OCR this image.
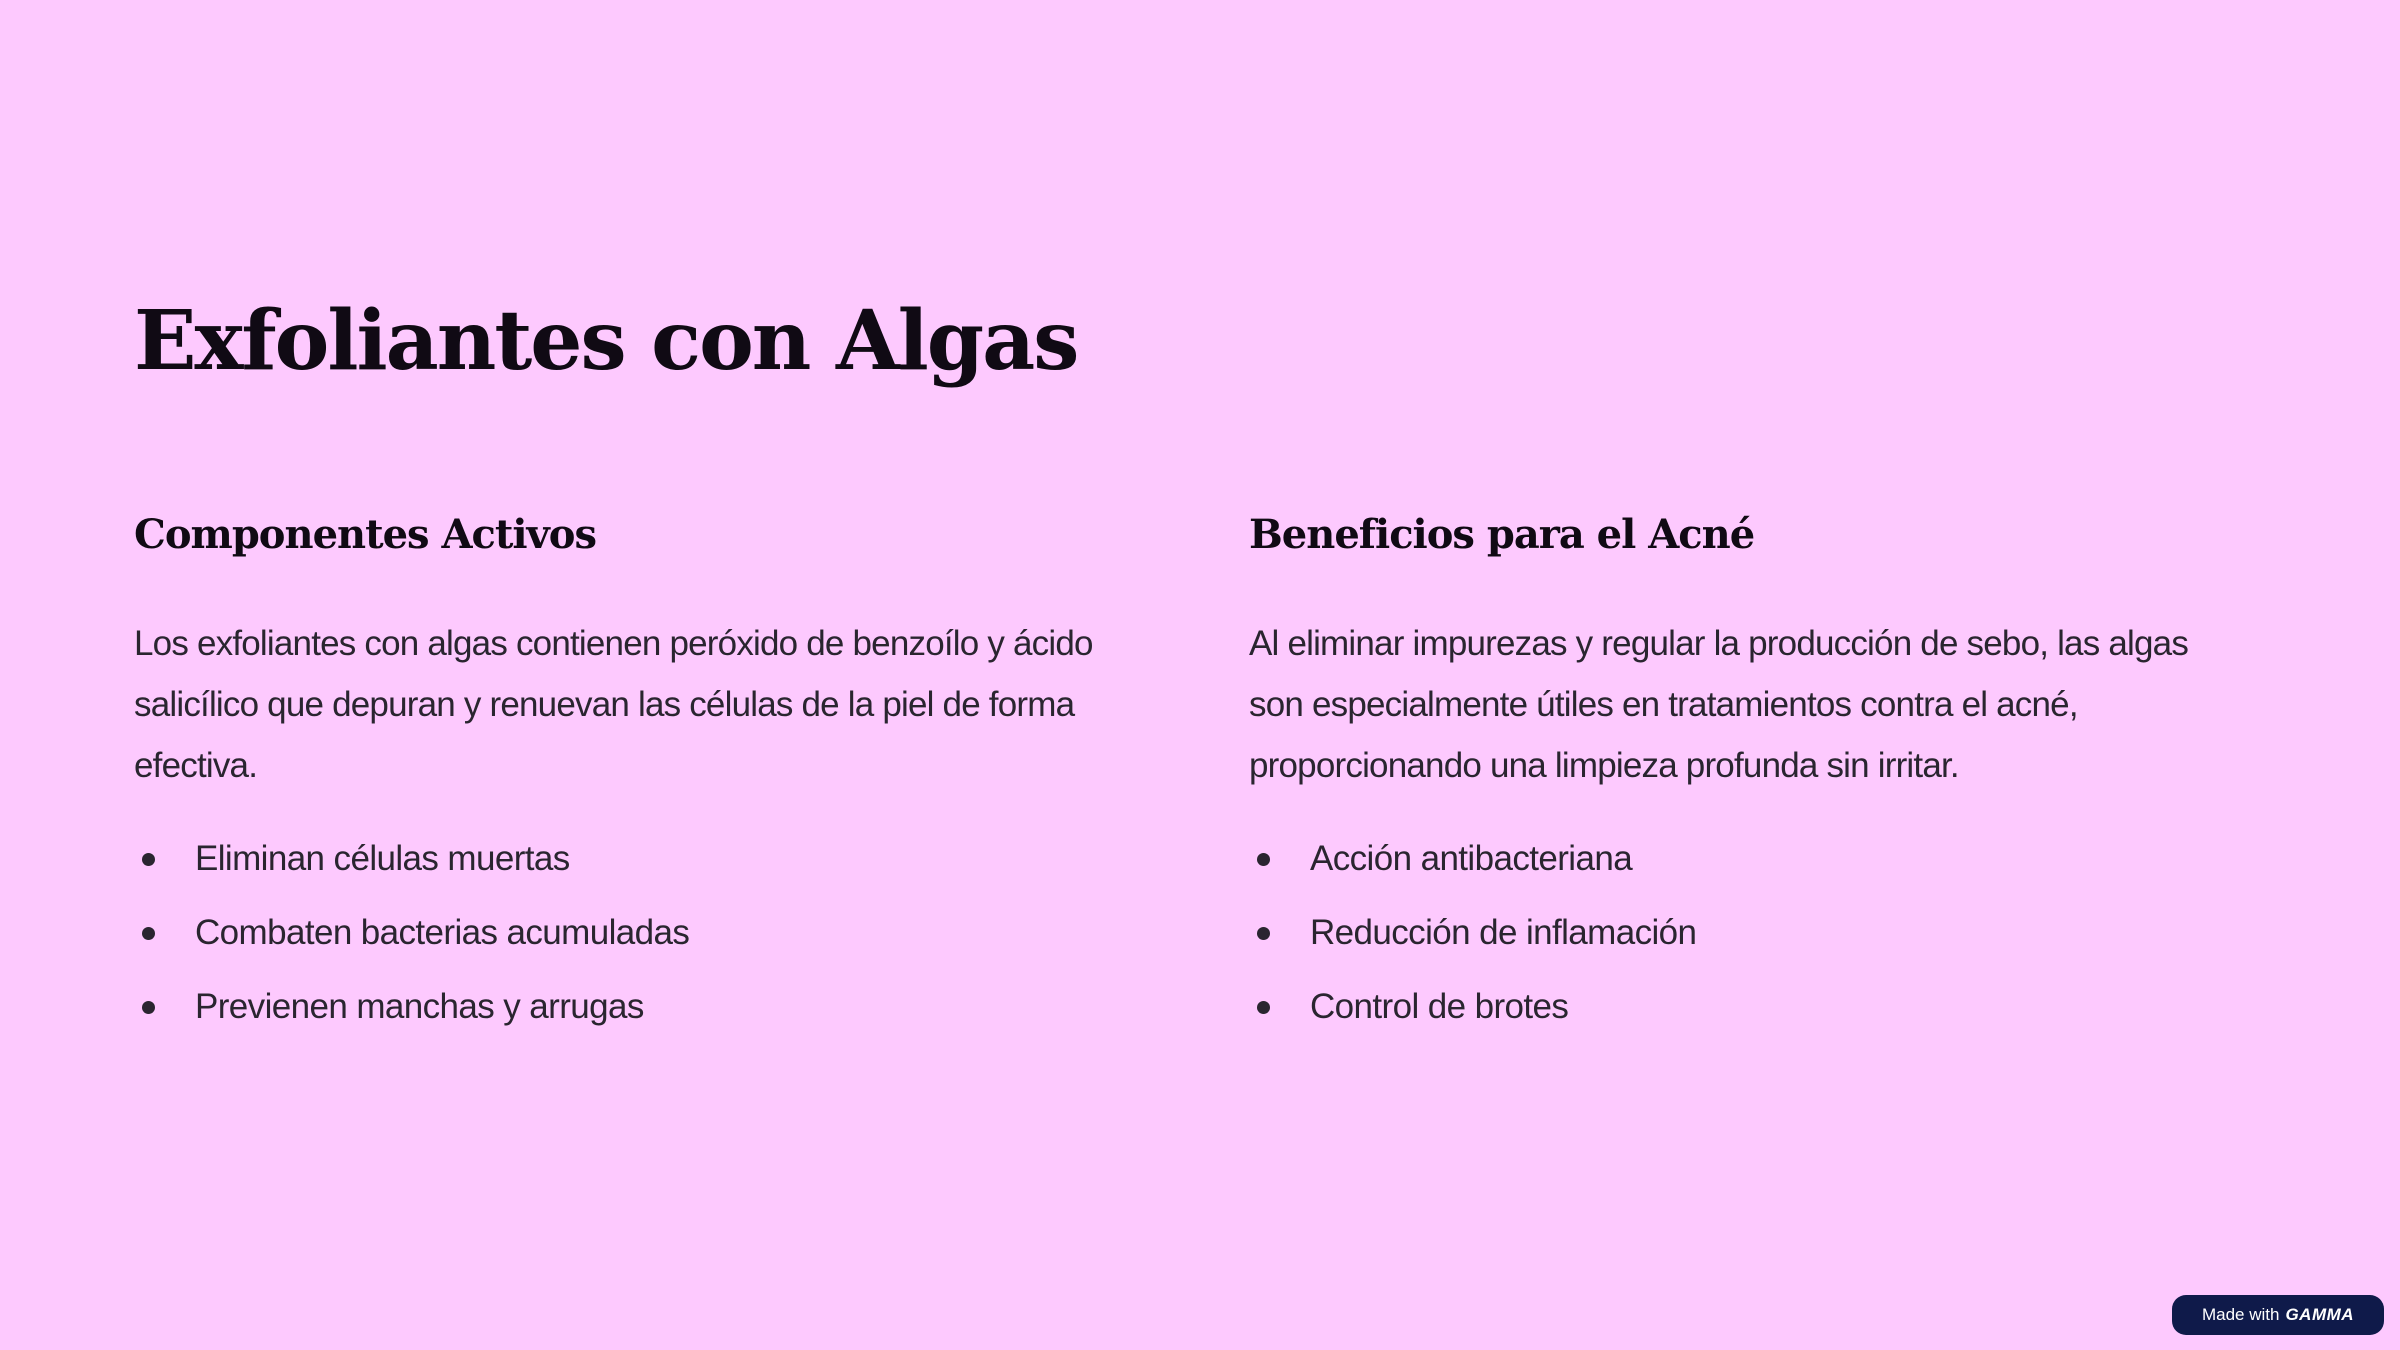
Exfoliantes con Algas
Componentes Activos

Los exfoliantes con algas contienen peróxido de benzoílo y ácido salicílico que depuran y renuevan las células de la piel de forma efectiva.

Eliminan células muertas
Combaten bacterias acumuladas
Previenen manchas y arrugas
Beneficios para el Acné

Al eliminar impurezas y regular la producción de sebo, las algas son especialmente útiles en tratamientos contra el acné, proporcionando una limpieza profunda sin irritar.

Acción antibacteriana
Reducción de inflamación
Control de brotes
Made with GAMMA
